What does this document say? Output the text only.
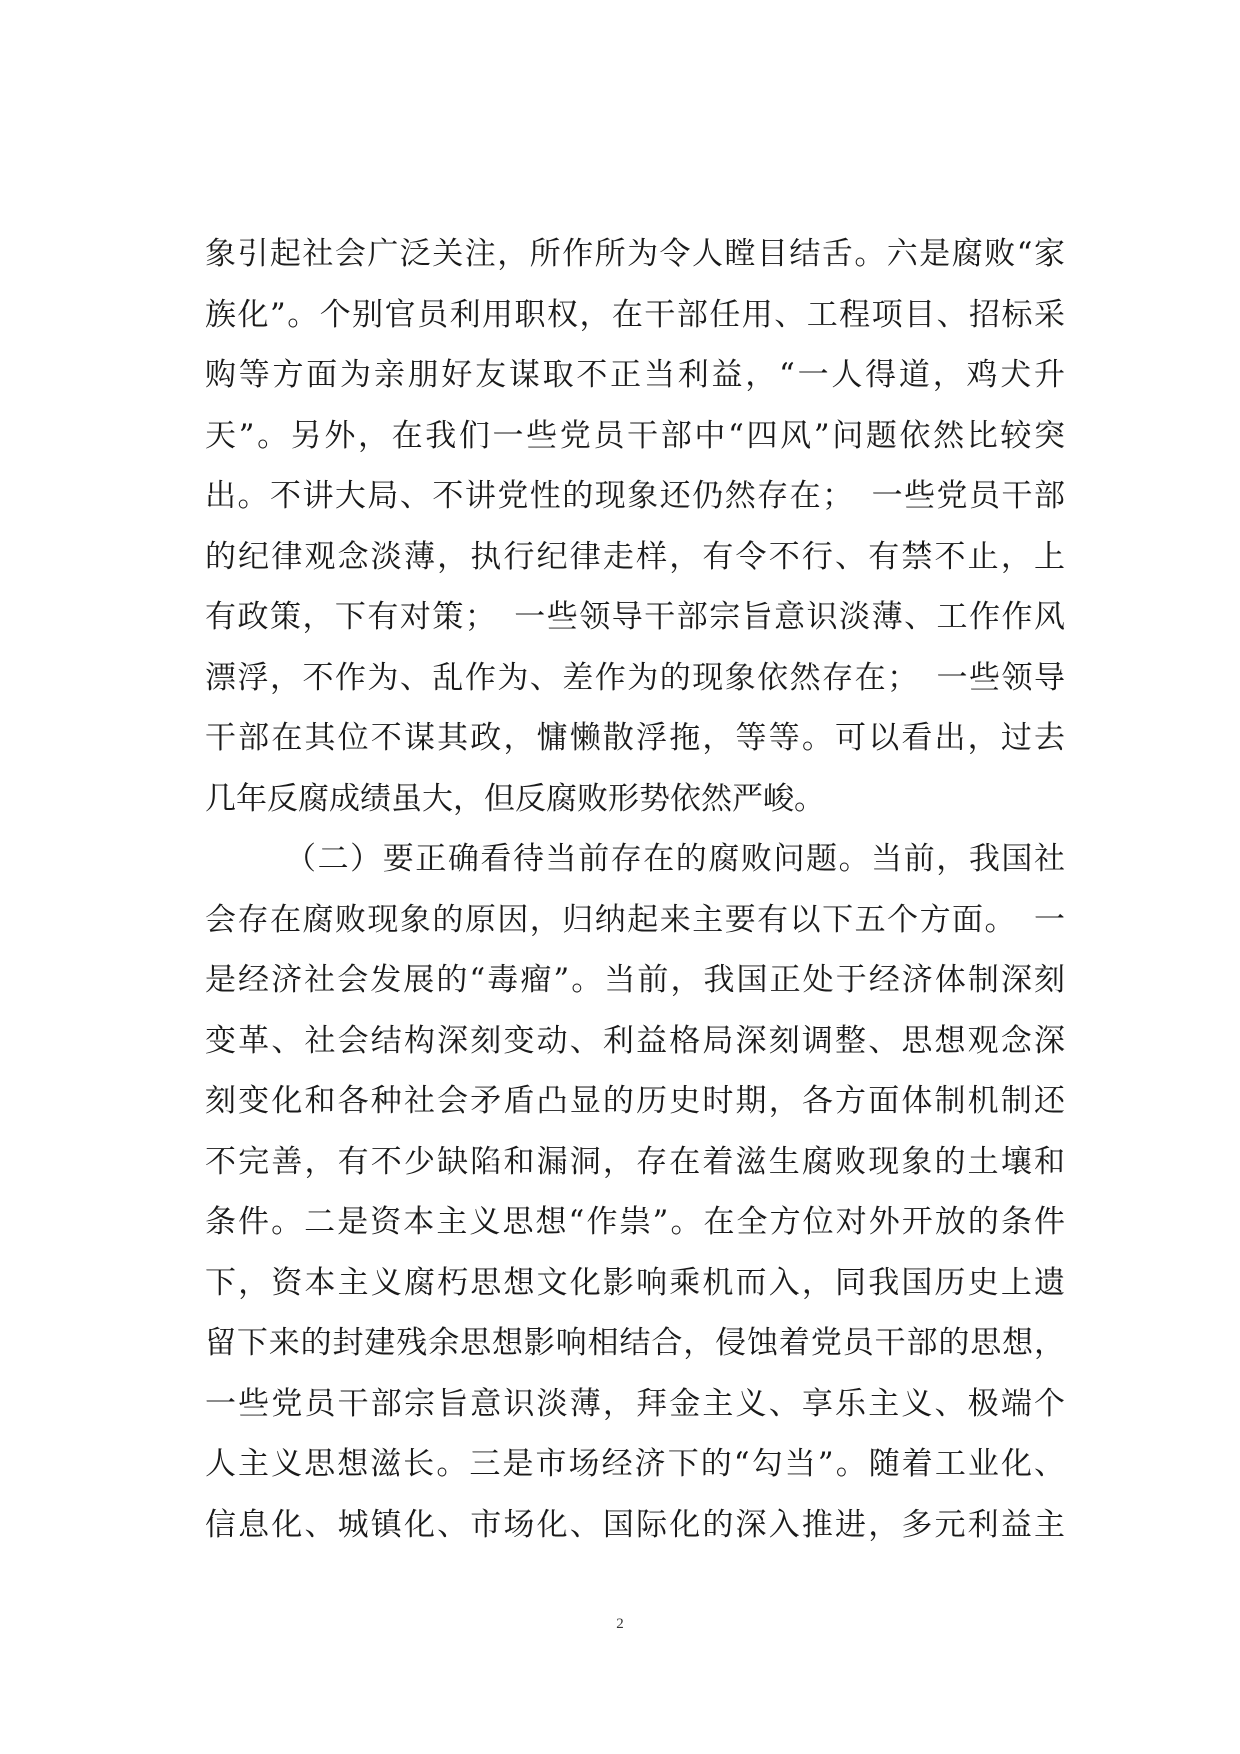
象引起社会广泛关注，所作所为令人瞠目结舌。六是腐败“家
族化”。个别官员利用职权，在干部任用、工程项目、招标采
购等方面为亲朋好友谋取不正当利益，“一人得道，鸡犬升
天”。另外，在我们一些党员干部中“四风”问题依然比较突
出。不讲大局、不讲党性的现象还仍然存在；　一些党员干部
的纪律观念淡薄，执行纪律走样，有令不行、有禁不止，上
有政策，下有对策；　一些领导干部宗旨意识淡薄、工作作风
漂浮，不作为、乱作为、差作为的现象依然存在；　一些领导
干部在其位不谋其政，慵懒散浮拖，等等。可以看出，过去
几年反腐成绩虽大，但反腐败形势依然严峻。
（二）要正确看待当前存在的腐败问题。当前，我国社
会存在腐败现象的原因，归纳起来主要有以下五个方面。　一
是经济社会发展的“毒瘤”。当前，我国正处于经济体制深刻
变革、社会结构深刻变动、利益格局深刻调整、思想观念深
刻变化和各种社会矛盾凸显的历史时期，各方面体制机制还
不完善，有不少缺陷和漏洞，存在着滋生腐败现象的土壤和
条件。二是资本主义思想“作祟”。在全方位对外开放的条件
下，资本主义腐朽思想文化影响乘机而入，同我国历史上遗
留下来的封建残余思想影响相结合，侵蚀着党员干部的思想，
一些党员干部宗旨意识淡薄，拜金主义、享乐主义、极端个
人主义思想滋长。三是市场经济下的“勾当”。随着工业化、
信息化、城镇化、市场化、国际化的深入推进，多元利益主
2
